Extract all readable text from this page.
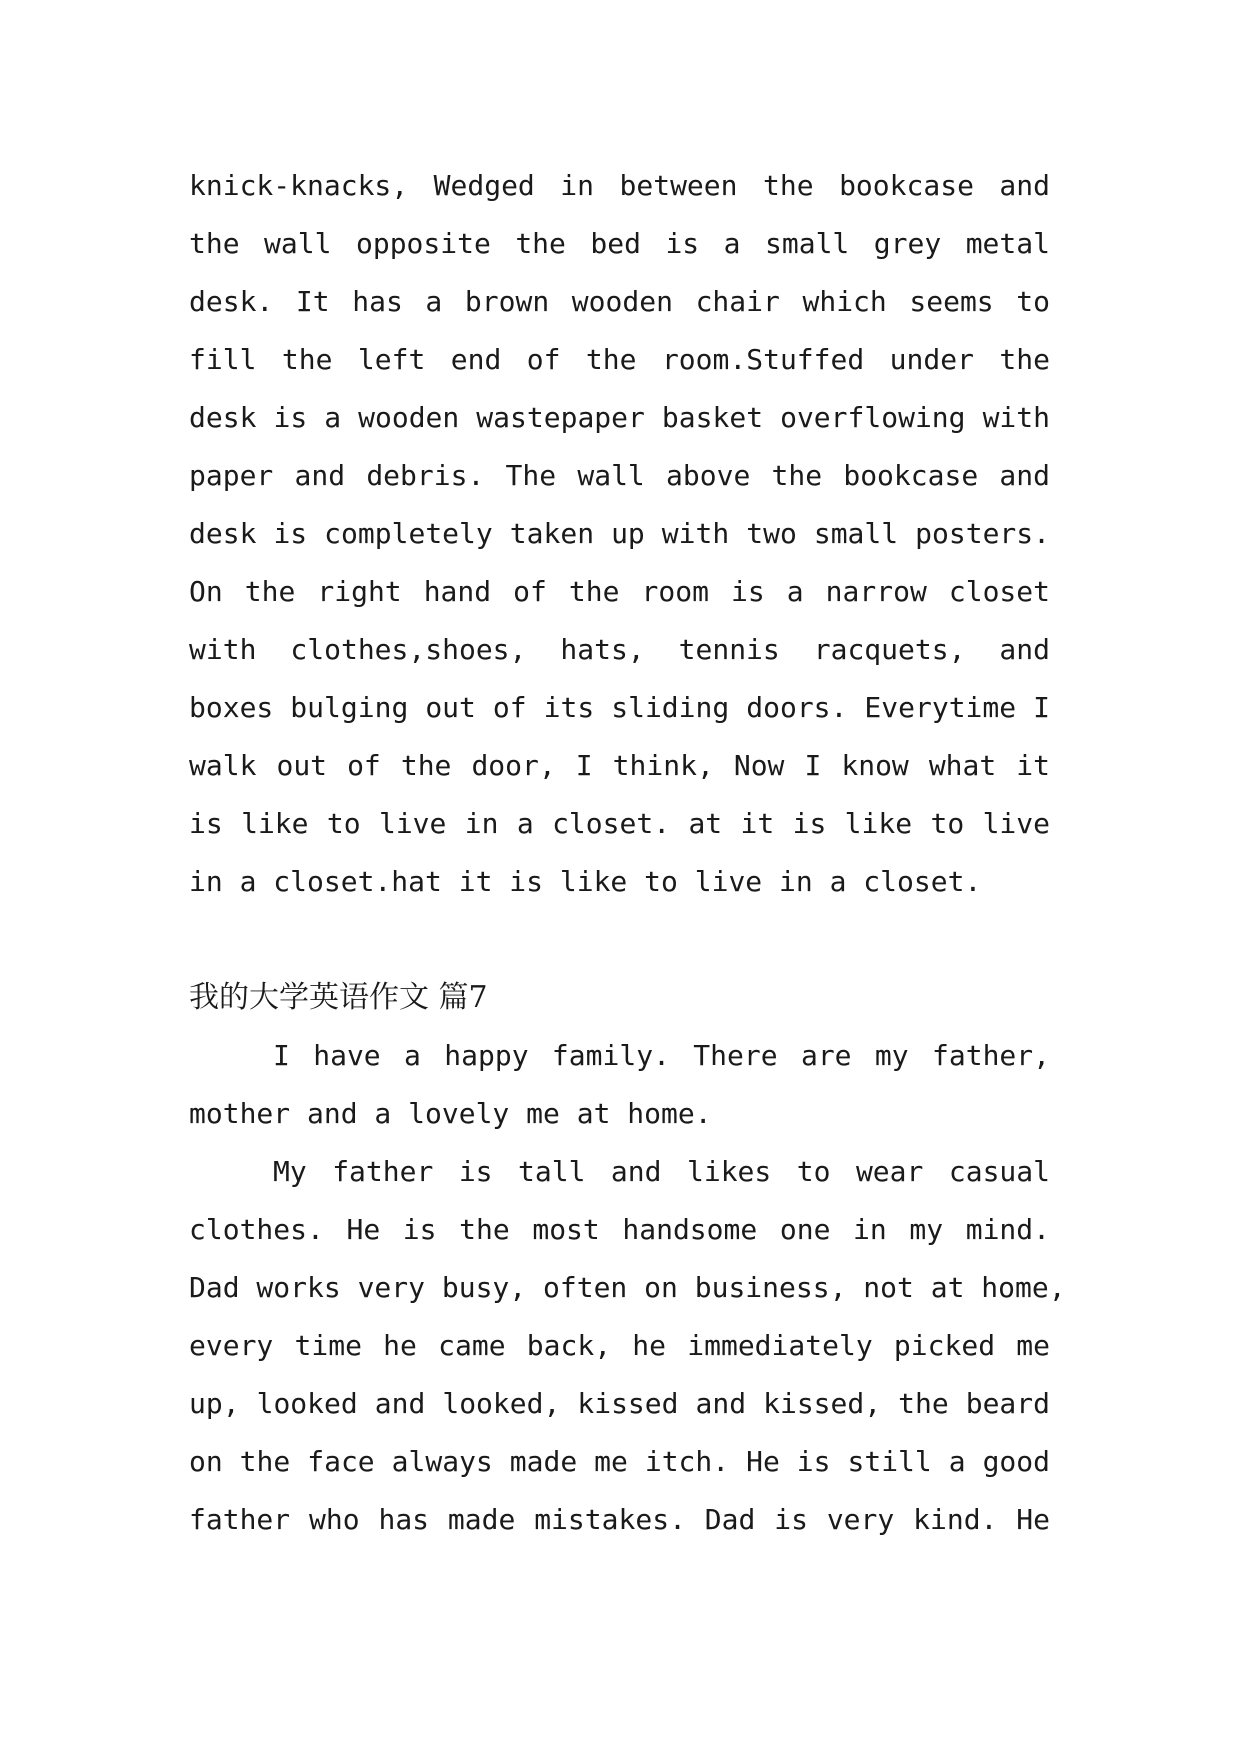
knick-knacks, Wedged in between the bookcase and
the wall opposite the bed is a small grey metal
desk. It has a brown wooden chair which seems to
fill the left end of the room.Stuffed under the
desk is a wooden wastepaper basket overflowing with
paper and debris. The wall above the bookcase and
desk is completely taken up with two small posters.
On the right hand of the room is a narrow closet
with clothes,shoes, hats, tennis racquets, and
boxes bulging out of its sliding doors. Everytime I
walk out of the door, I think, Now I know what it
is like to live in a closet. at it is like to live
in a closet.hat it is like to live in a closet.
我的大学英语作文 篇7
I have a happy family. There are my father,
mother and a lovely me at home.
My father is tall and likes to wear casual
clothes. He is the most handsome one in my mind.
Dad works very busy, often on business, not at home,
every time he came back, he immediately picked me
up, looked and looked, kissed and kissed, the beard
on the face always made me itch. He is still a good
father who has made mistakes. Dad is very kind. He
